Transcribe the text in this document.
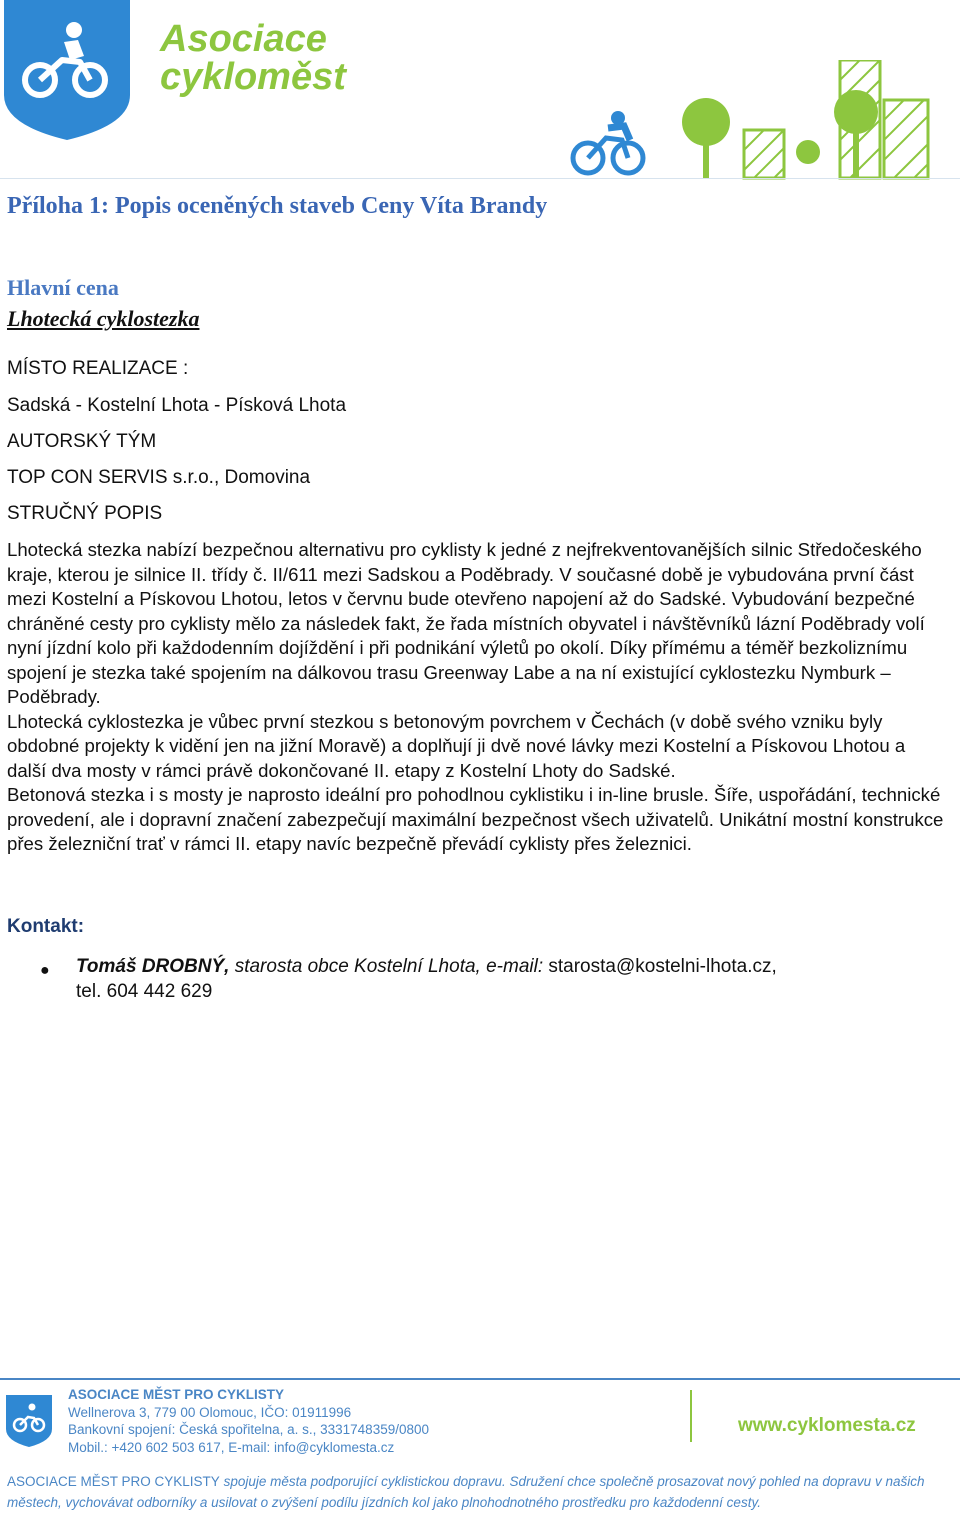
Asociace
cykloměst
Příloha 1: Popis oceněných staveb Ceny Víta Brandy
Hlavní cena
Lhotecká cyklostezka
MÍSTO REALIZACE :
Sadská - Kostelní Lhota - Písková Lhota
AUTORSKÝ TÝM
TOP CON SERVIS s.r.o., Domovina
STRUČNÝ POPIS

Lhotecká stezka nabízí bezpečnou alternativu pro cyklisty k jedné z nejfrekventovanějších silnic Středočeského kraje, kterou je silnice II. třídy č. II/611 mezi Sadskou a Poděbrady. V současné době je vybudována první část mezi Kostelní a Pískovou Lhotou, letos v červnu bude otevřeno napojení až do Sadské. Vybudování bezpečné chráněné cesty pro cyklisty mělo za následek fakt, že řada místních obyvatel i návštěvníků lázní Poděbrady volí nyní jízdní kolo při každodenním dojíždění i při podnikání výletů po okolí. Díky přímému a téměř bezkoliznímu spojení je stezka také spojením na dálkovou trasu Greenway Labe a na ní existující cyklostezku Nymburk – Poděbrady.

Lhotecká cyklostezka je vůbec první stezkou s betonovým povrchem v Čechách (v době svého vzniku byly obdobné projekty k vidění jen na jižní Moravě) a doplňují ji dvě nové lávky mezi Kostelní a Pískovou Lhotou a další dva mosty v rámci právě dokončované II. etapy z Kostelní Lhoty do Sadské.

Betonová stezka i s mosty je naprosto ideální pro pohodlnou cyklistiku i in-line brusle. Šíře, uspořádání, technické provedení, ale i dopravní značení zabezpečují maximální bezpečnost všech uživatelů. Unikátní mostní konstrukce přes železniční trať v rámci II. etapy navíc bezpečně převádí cyklisty přes železnici.

Kontakt:
● Tomáš DROBNÝ, starosta obce Kostelní Lhota, e-mail: starosta@kostelni-lhota.cz,
tel. 604 442 629
ASOCIACE MĚST PRO CYKLISTY
Wellnerova 3, 779 00 Olomouc, IČO: 01911996
Bankovní spojení: Česká spořitelna, a. s., 3331748359/0800
Mobil.: +420 602 503 617, E-mail: info@cyklomesta.cz
www.cyklomesta.cz
ASOCIACE MĚST PRO CYKLISTY spojuje města podporující cyklistickou dopravu. Sdružení chce společně prosazovat nový pohled na dopravu v našich městech, vychovávat odborníky a usilovat o zvýšení podílu jízdních kol jako plnohodnotného prostředku pro každodenní cesty.
